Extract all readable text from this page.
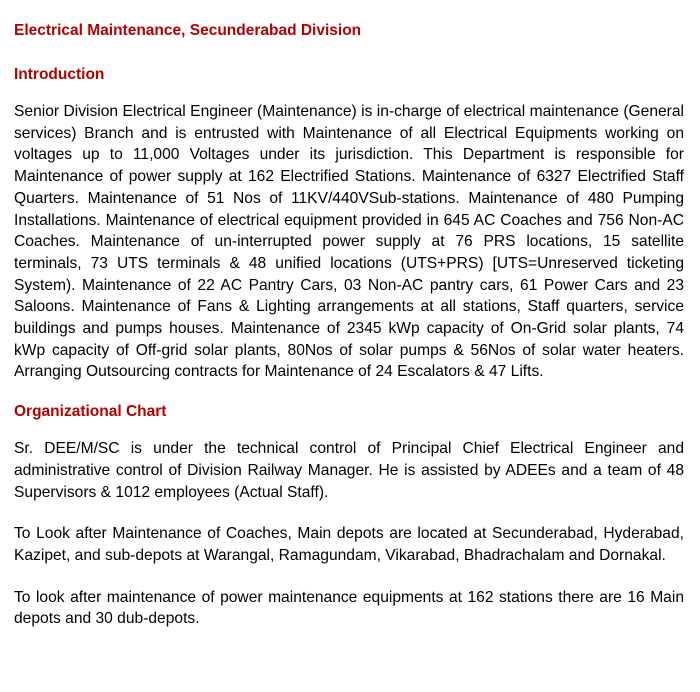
Electrical Maintenance, Secunderabad Division
Introduction

Senior Division Electrical Engineer (Maintenance) is in-charge of electrical maintenance (General services) Branch and is entrusted with Maintenance of all Electrical Equipments working on voltages up to 11,000 Voltages under its jurisdiction. This Department is responsible for Maintenance of power supply at 162 Electrified Stations. Maintenance of 6327 Electrified Staff Quarters. Maintenance of 51 Nos of 11KV/440VSub-stations. Maintenance of 480 Pumping Installations. Maintenance of electrical equipment provided in 645 AC Coaches and 756 Non-AC Coaches. Maintenance of un-interrupted power supply at 76 PRS locations, 15 satellite terminals, 73 UTS terminals & 48 unified locations (UTS+PRS) [UTS=Unreserved ticketing System). Maintenance of 22 AC Pantry Cars, 03 Non-AC pantry cars, 61 Power Cars and 23 Saloons. Maintenance of Fans & Lighting arrangements at all stations, Staff quarters, service buildings and pumps houses. Maintenance of 2345 kWp capacity of On-Grid solar plants, 74 kWp capacity of Off-grid solar plants, 80Nos of solar pumps & 56Nos of solar water heaters. Arranging Outsourcing contracts for Maintenance of 24 Escalators & 47 Lifts.

Organizational Chart

Sr. DEE/M/SC is under the technical control of Principal Chief Electrical Engineer and administrative control of Division Railway Manager. He is assisted by ADEEs and a team of 48 Supervisors & 1012 employees (Actual Staff).

To Look after Maintenance of Coaches, Main depots are located at Secunderabad, Hyderabad, Kazipet, and sub-depots at Warangal, Ramagundam, Vikarabad, Bhadrachalam and Dornakal.

To look after maintenance of power maintenance equipments at 162 stations there are 16 Main depots and 30 dub-depots.
